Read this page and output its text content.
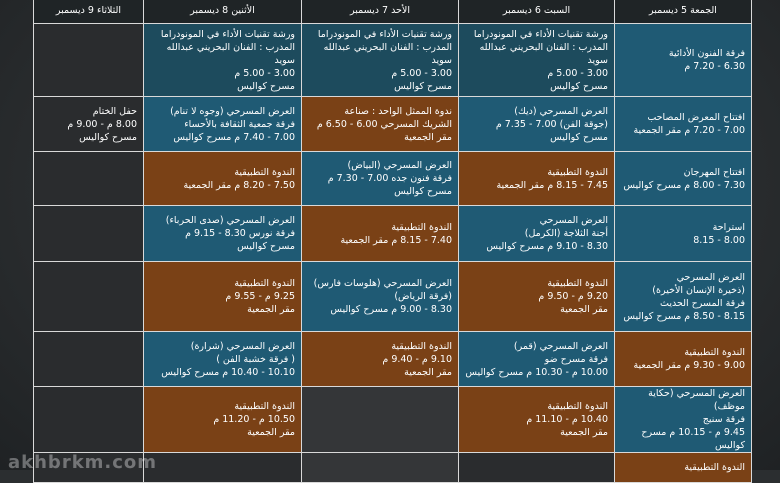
الثلاثاء 9 ديسمبر	الأثنين 8 ديسمبر	الأحد 7 ديسمبر	السبت 6 ديسمبر	الجمعة 5 ديسمبر

	ورشة تقنيات الأداء في المونودراما
المدرب : الفنان البحريني عبدالله سويد
3.00 - 5.00 م
مسرح كواليس	ورشة تقنيات الأداء في المونودراما
المدرب : الفنان البحريني عبدالله سويد
3.00 - 5.00 م
مسرح كواليس	ورشة تقنيات الأداء في المونودراما
المدرب : الفنان البحريني عبدالله سويد
3.00 - 5.00 م
مسرح كواليس	فرقة الفنون الأدائية
6.30 - 7.20 م

حفل الختام
8.00 م - 9.00 م
مسرح كواليس	العرض المسرحي (وجوه لا تنام)
فرقة جمعية الثقافة بالأحساء
7.00 - 7.40 م مسرح كواليس	ندوة الممثل الواحد : صناعة
الشريك المسرحي 6.00 - 6.50 م
مقر الجمعية	العرض المسرحي (ديك)
(جوقة الفن) 7.00 - 7.35 م
مسرح كواليس	افتتاح المعرض المصاحب
7.00 - 7.20 م مقر الجمعية

	الندوة التطبيقية
7.50 - 8.20 م مقر الجمعية	العرض المسرحي (البياض)
فرقة فنون جده 7.00 - 7.30 م
مسرح كواليس	الندوة التطبيقية
7.45 - 8.15 م مقر الجمعية	افتتاح المهرجان
7.30 - 8.00 م مسرح كواليس

	العرض المسرحي (صدى الحرباء)
فرقة نورس 8.30 - 9.15 م
مسرح كواليس	الندوة التطبيقية
7.40 - 8.15 م مقر الجمعية	العرض المسرحي
أجنة الثلاجة (الكرمل)
8.30 - 9.10 م مسرح كواليس	استراحة
8.00 - 8.15

	الندوة التطبيقية
9.25 م - 9.55 م
مقر الجمعية	العرض المسرحي (هلوسات فارس)
(فرقة الرياض)
8.30 - 9.00 م مسرح كواليس	الندوة التطبيقية
9.20 م - 9.50 م
مقر الجمعية	العرض المسرحي
(ذخيرة الإنسان الأخيرة)
فرقة المسرح الحديث
8.15 - 8.50 م مسرح كواليس

	العرض المسرحي (شرارة)
( فرقة خشبة الفن )
10.10 - 10.40 م مسرح كواليس	الندوة التطبيقية
9.10 م - 9.40 م
مقر الجمعية	العرض المسرحي (قمر)
فرقة مسرح ضو
10.00 م - 10.30 م مسرح كواليس	الندوة التطبيقية
9.00 - 9.30 م مقر الجمعية

	الندوة التطبيقية
10.50 م - 11.20 م
مقر الجمعية		الندوة التطبيقية
10.40 م - 11.10 م
مقر الجمعية	العرض المسرحي (حكاية موظف)
فرقة سنيج
9.45 م - 10.15 م مسرح كواليس

				الندوة التطبيقية
akhbrkm.com
